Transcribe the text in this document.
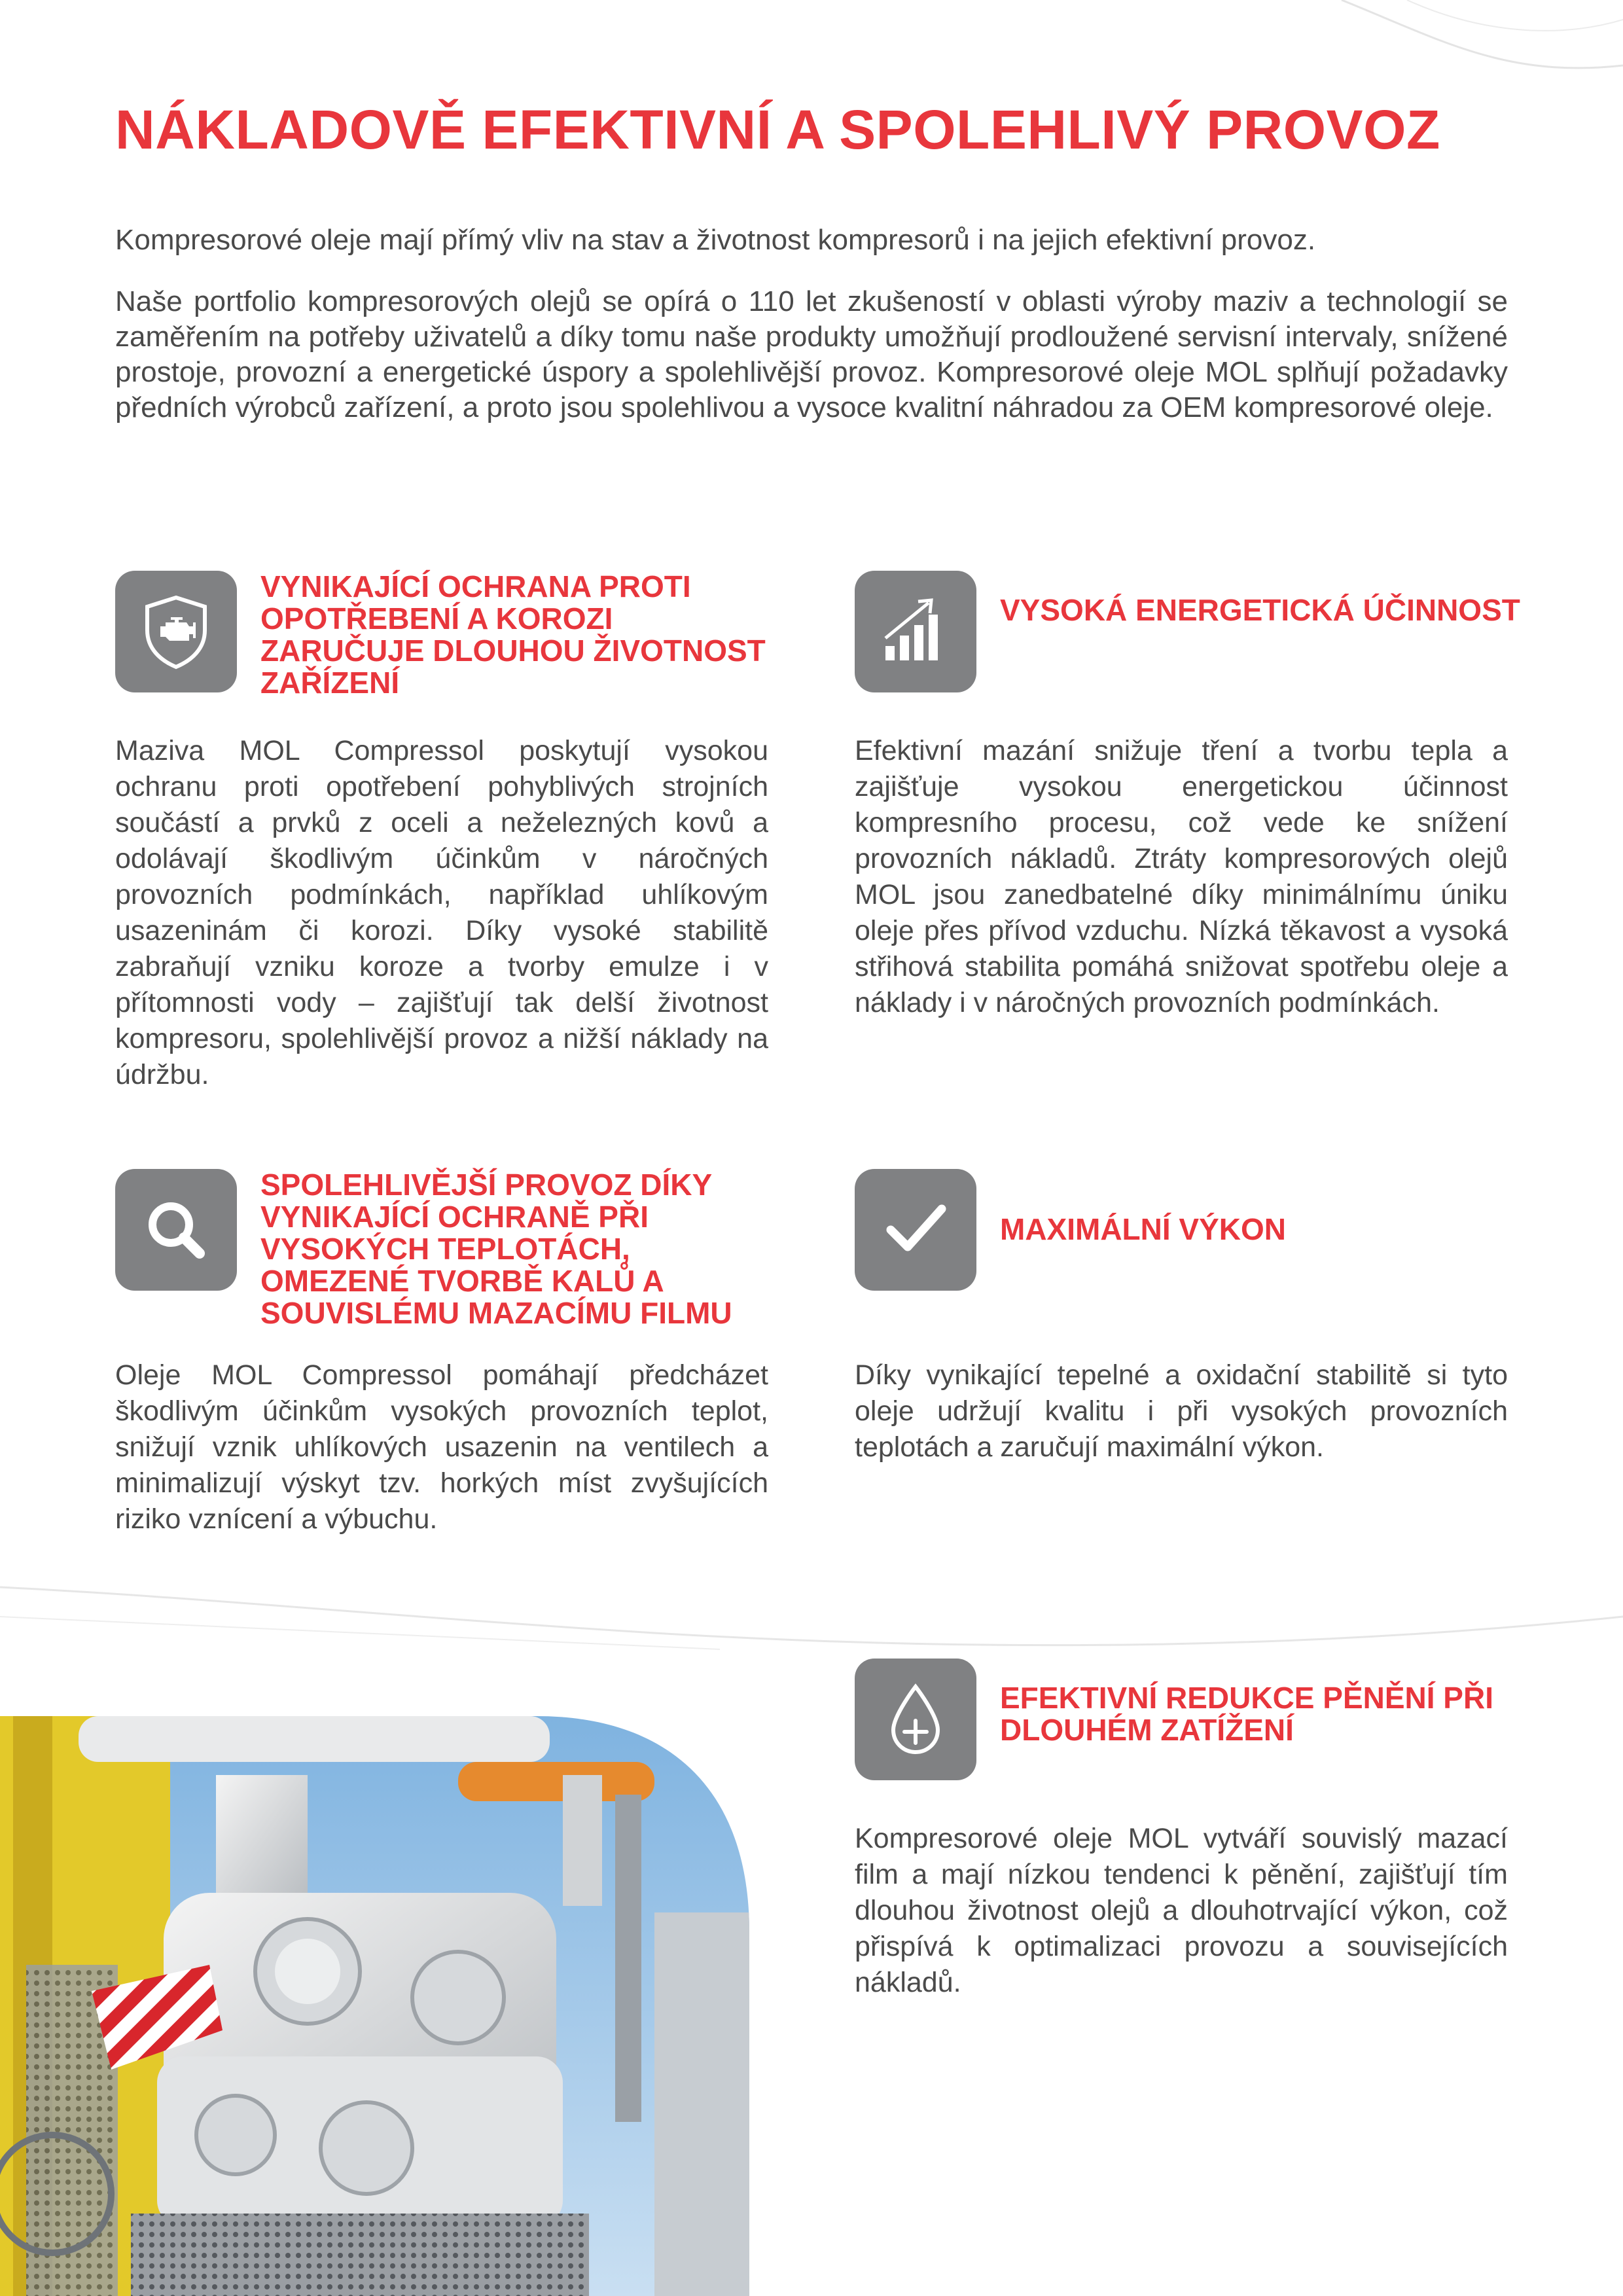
NÁKLADOVĚ EFEKTIVNÍ A SPOLEHLIVÝ PROVOZ

Kompresorové oleje mají přímý vliv na stav a životnost kompresorů i na jejich efektivní provoz.

Naše portfolio kompresorových olejů se opírá o 110 let zkušeností v oblasti výroby maziv a technologií se zaměřením na potřeby uživatelů a díky tomu naše produkty umožňují prodloužené servisní intervaly, snížené prostoje, provozní a energetické úspory a spolehlivější provoz. Kompresorové oleje MOL splňují požadavky předních výrobců zařízení, a proto jsou spolehlivou a vysoce kvalitní náhradou za OEM kompresorové oleje.

VYNIKAJÍCÍ OCHRANA PROTI OPOTŘEBENÍ A KOROZI ZARUČUJE DLOUHOU ŽIVOTNOST ZAŘÍZENÍ

Maziva MOL Compressol poskytují vysokou ochranu proti opotřebení pohyblivých strojních součástí a prvků z oceli a neželezných kovů a odolávají škodlivým účinkům v náročných provozních podmínkách, například uhlíkovým usazeninám či korozi. Díky vysoké stabilitě zabraňují vzniku koroze a tvorby emulze i v přítomnosti vody – zajišťují tak delší životnost kompresoru, spolehlivější provoz a nižší náklady na údržbu.

VYSOKÁ ENERGETICKÁ ÚČINNOST

Efektivní mazání snižuje tření a tvorbu tepla a zajišťuje vysokou energetickou účinnost kompresního procesu, což vede ke snížení provozních nákladů. Ztráty kompresorových olejů MOL jsou zanedbatelné díky minimálnímu úniku oleje přes přívod vzduchu. Nízká těkavost a vysoká střihová stabilita pomáhá snižovat spotřebu oleje a náklady i v náročných provozních podmínkách.

SPOLEHLIVĚJŠÍ PROVOZ DÍKY VYNIKAJÍCÍ OCHRANĚ PŘI VYSOKÝCH TEPLOTÁCH, OMEZENÉ TVORBĚ KALŮ A SOUVISLÉMU MAZACÍMU FILMU

Oleje MOL Compressol pomáhají předcházet škodlivým účinkům vysokých provozních teplot, snižují vznik uhlíkových usazenin na ventilech a minimalizují výskyt tzv. horkých míst zvyšujících riziko vznícení a výbuchu.

MAXIMÁLNÍ VÝKON

Díky vynikající tepelné a oxidační stabilitě si tyto oleje udržují kvalitu i při vysokých provozních teplotách a zaručují maximální výkon.

EFEKTIVNÍ REDUKCE PĚNĚNÍ PŘI DLOUHÉM ZATÍŽENÍ

Kompresorové oleje MOL vytváří souvislý mazací film a mají nízkou tendenci k pěnění, zajišťují tím dlouhou životnost olejů a dlouhotrvající výkon, což přispívá k optimalizaci provozu a souvisejících nákladů.
